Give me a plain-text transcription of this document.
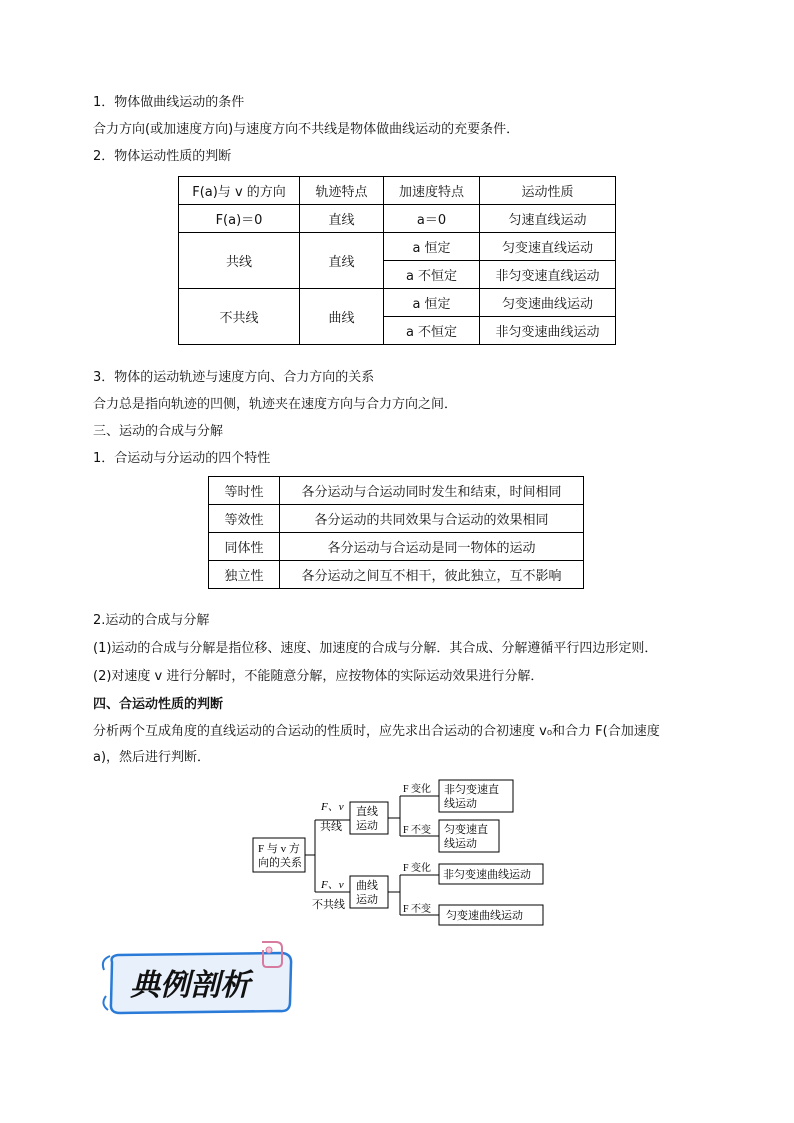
1．物体做曲线运动的条件
合力方向(或加速度方向)与速度方向不共线是物体做曲线运动的充要条件．
2．物体运动性质的判断
F(a)与 v 的方向	轨迹特点	加速度特点	运动性质
F(a)＝0	直线	a＝0	匀速直线运动
共线	直线	a 恒定	匀变速直线运动
		a 不恒定	非匀变速直线运动
不共线	曲线	a 恒定	匀变速曲线运动
		a 不恒定	非匀变速曲线运动
3．物体的运动轨迹与速度方向、合力方向的关系
合力总是指向轨迹的凹侧，轨迹夹在速度方向与合力方向之间．
三、运动的合成与分解
1．合运动与分运动的四个特性
等时性	各分运动与合运动同时发生和结束，时间相同
等效性	各分运动的共同效果与合运动的效果相同
同体性	各分运动与合运动是同一物体的运动
独立性	各分运动之间互不相干，彼此独立，互不影响
2.运动的合成与分解
(1)运动的合成与分解是指位移、速度、加速度的合成与分解．其合成、分解遵循平行四边形定则．
(2)对速度 v 进行分解时，不能随意分解，应按物体的实际运动效果进行分解．
四、合运动性质的判断
分析两个互成角度的直线运动的合运动的性质时，应先求出合运动的合初速度 v₀和合力 F(合加速度
a)，然后进行判断．
F 与 v 方
向的关系
F、v
共线
F、v
不共线
直线
运动
曲线
运动
F 变化
F 不变
F 变化
F 不变
非匀变速直
线运动
匀变速直
线运动
非匀变速曲线运动
匀变速曲线运动
典例剖析
